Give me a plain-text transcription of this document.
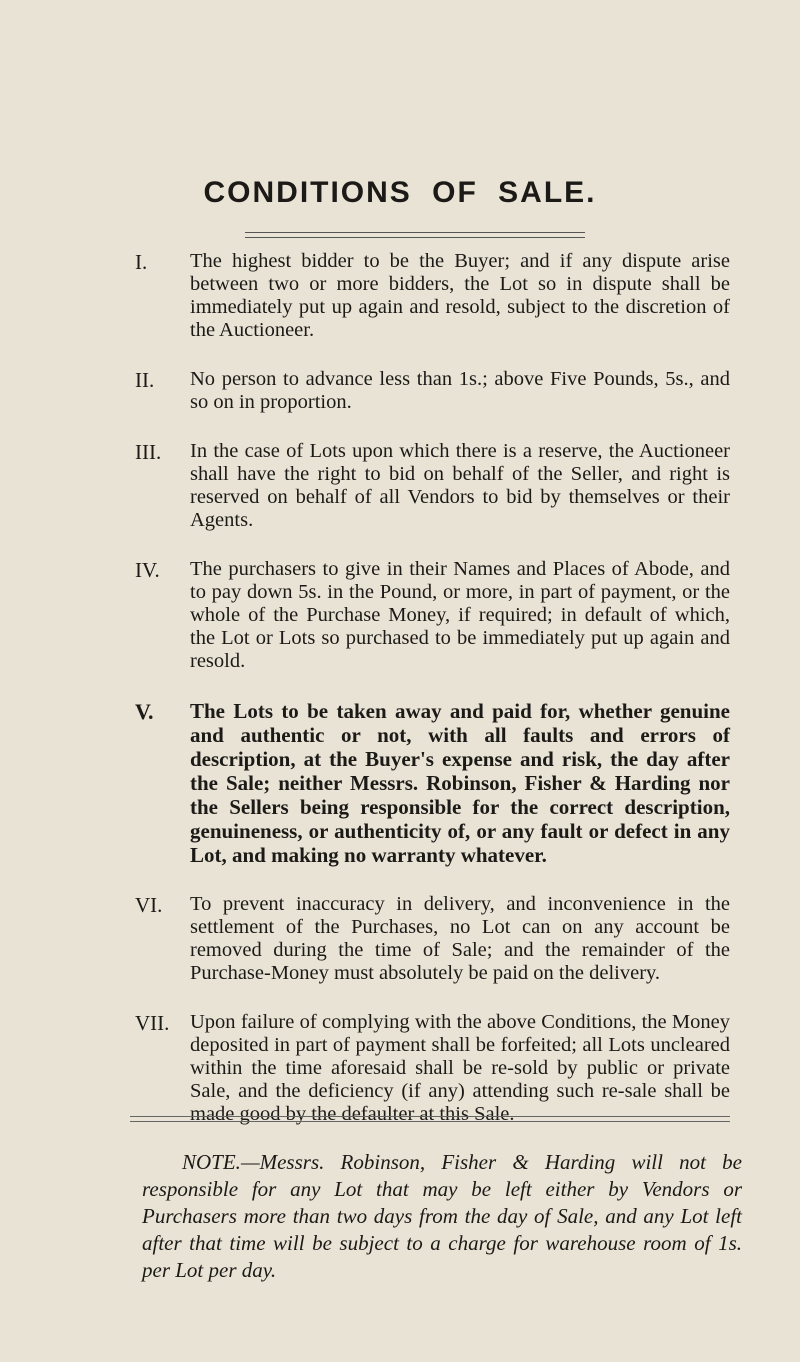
CONDITIONS OF SALE.
I. The highest bidder to be the Buyer; and if any dispute arise between two or more bidders, the Lot so in dispute shall be immediately put up again and resold, subject to the discretion of the Auctioneer.
II. No person to advance less than 1s.; above Five Pounds, 5s., and so on in proportion.
III. In the case of Lots upon which there is a reserve, the Auctioneer shall have the right to bid on behalf of the Seller, and right is reserved on behalf of all Vendors to bid by themselves or their Agents.
IV. The purchasers to give in their Names and Places of Abode, and to pay down 5s. in the Pound, or more, in part of payment, or the whole of the Purchase Money, if required; in default of which, the Lot or Lots so purchased to be immediately put up again and resold.
V. The Lots to be taken away and paid for, whether genuine and authentic or not, with all faults and errors of description, at the Buyer's expense and risk, the day after the Sale; neither Messrs. Robinson, Fisher & Harding nor the Sellers being responsible for the correct description, genuineness, or authenticity of, or any fault or defect in any Lot, and making no warranty whatever.
VI. To prevent inaccuracy in delivery, and inconvenience in the settlement of the Purchases, no Lot can on any account be removed during the time of Sale; and the remainder of the Purchase-Money must absolutely be paid on the delivery.
VII. Upon failure of complying with the above Conditions, the Money deposited in part of payment shall be forfeited; all Lots uncleared within the time aforesaid shall be re-sold by public or private Sale, and the deficiency (if any) attending such re-sale shall be made good by the defaulter at this Sale.

NOTE.—Messrs. Robinson, Fisher & Harding will not be responsible for any Lot that may be left either by Vendors or Purchasers more than two days from the day of Sale, and any Lot left after that time will be subject to a charge for warehouse room of 1s. per Lot per day.
